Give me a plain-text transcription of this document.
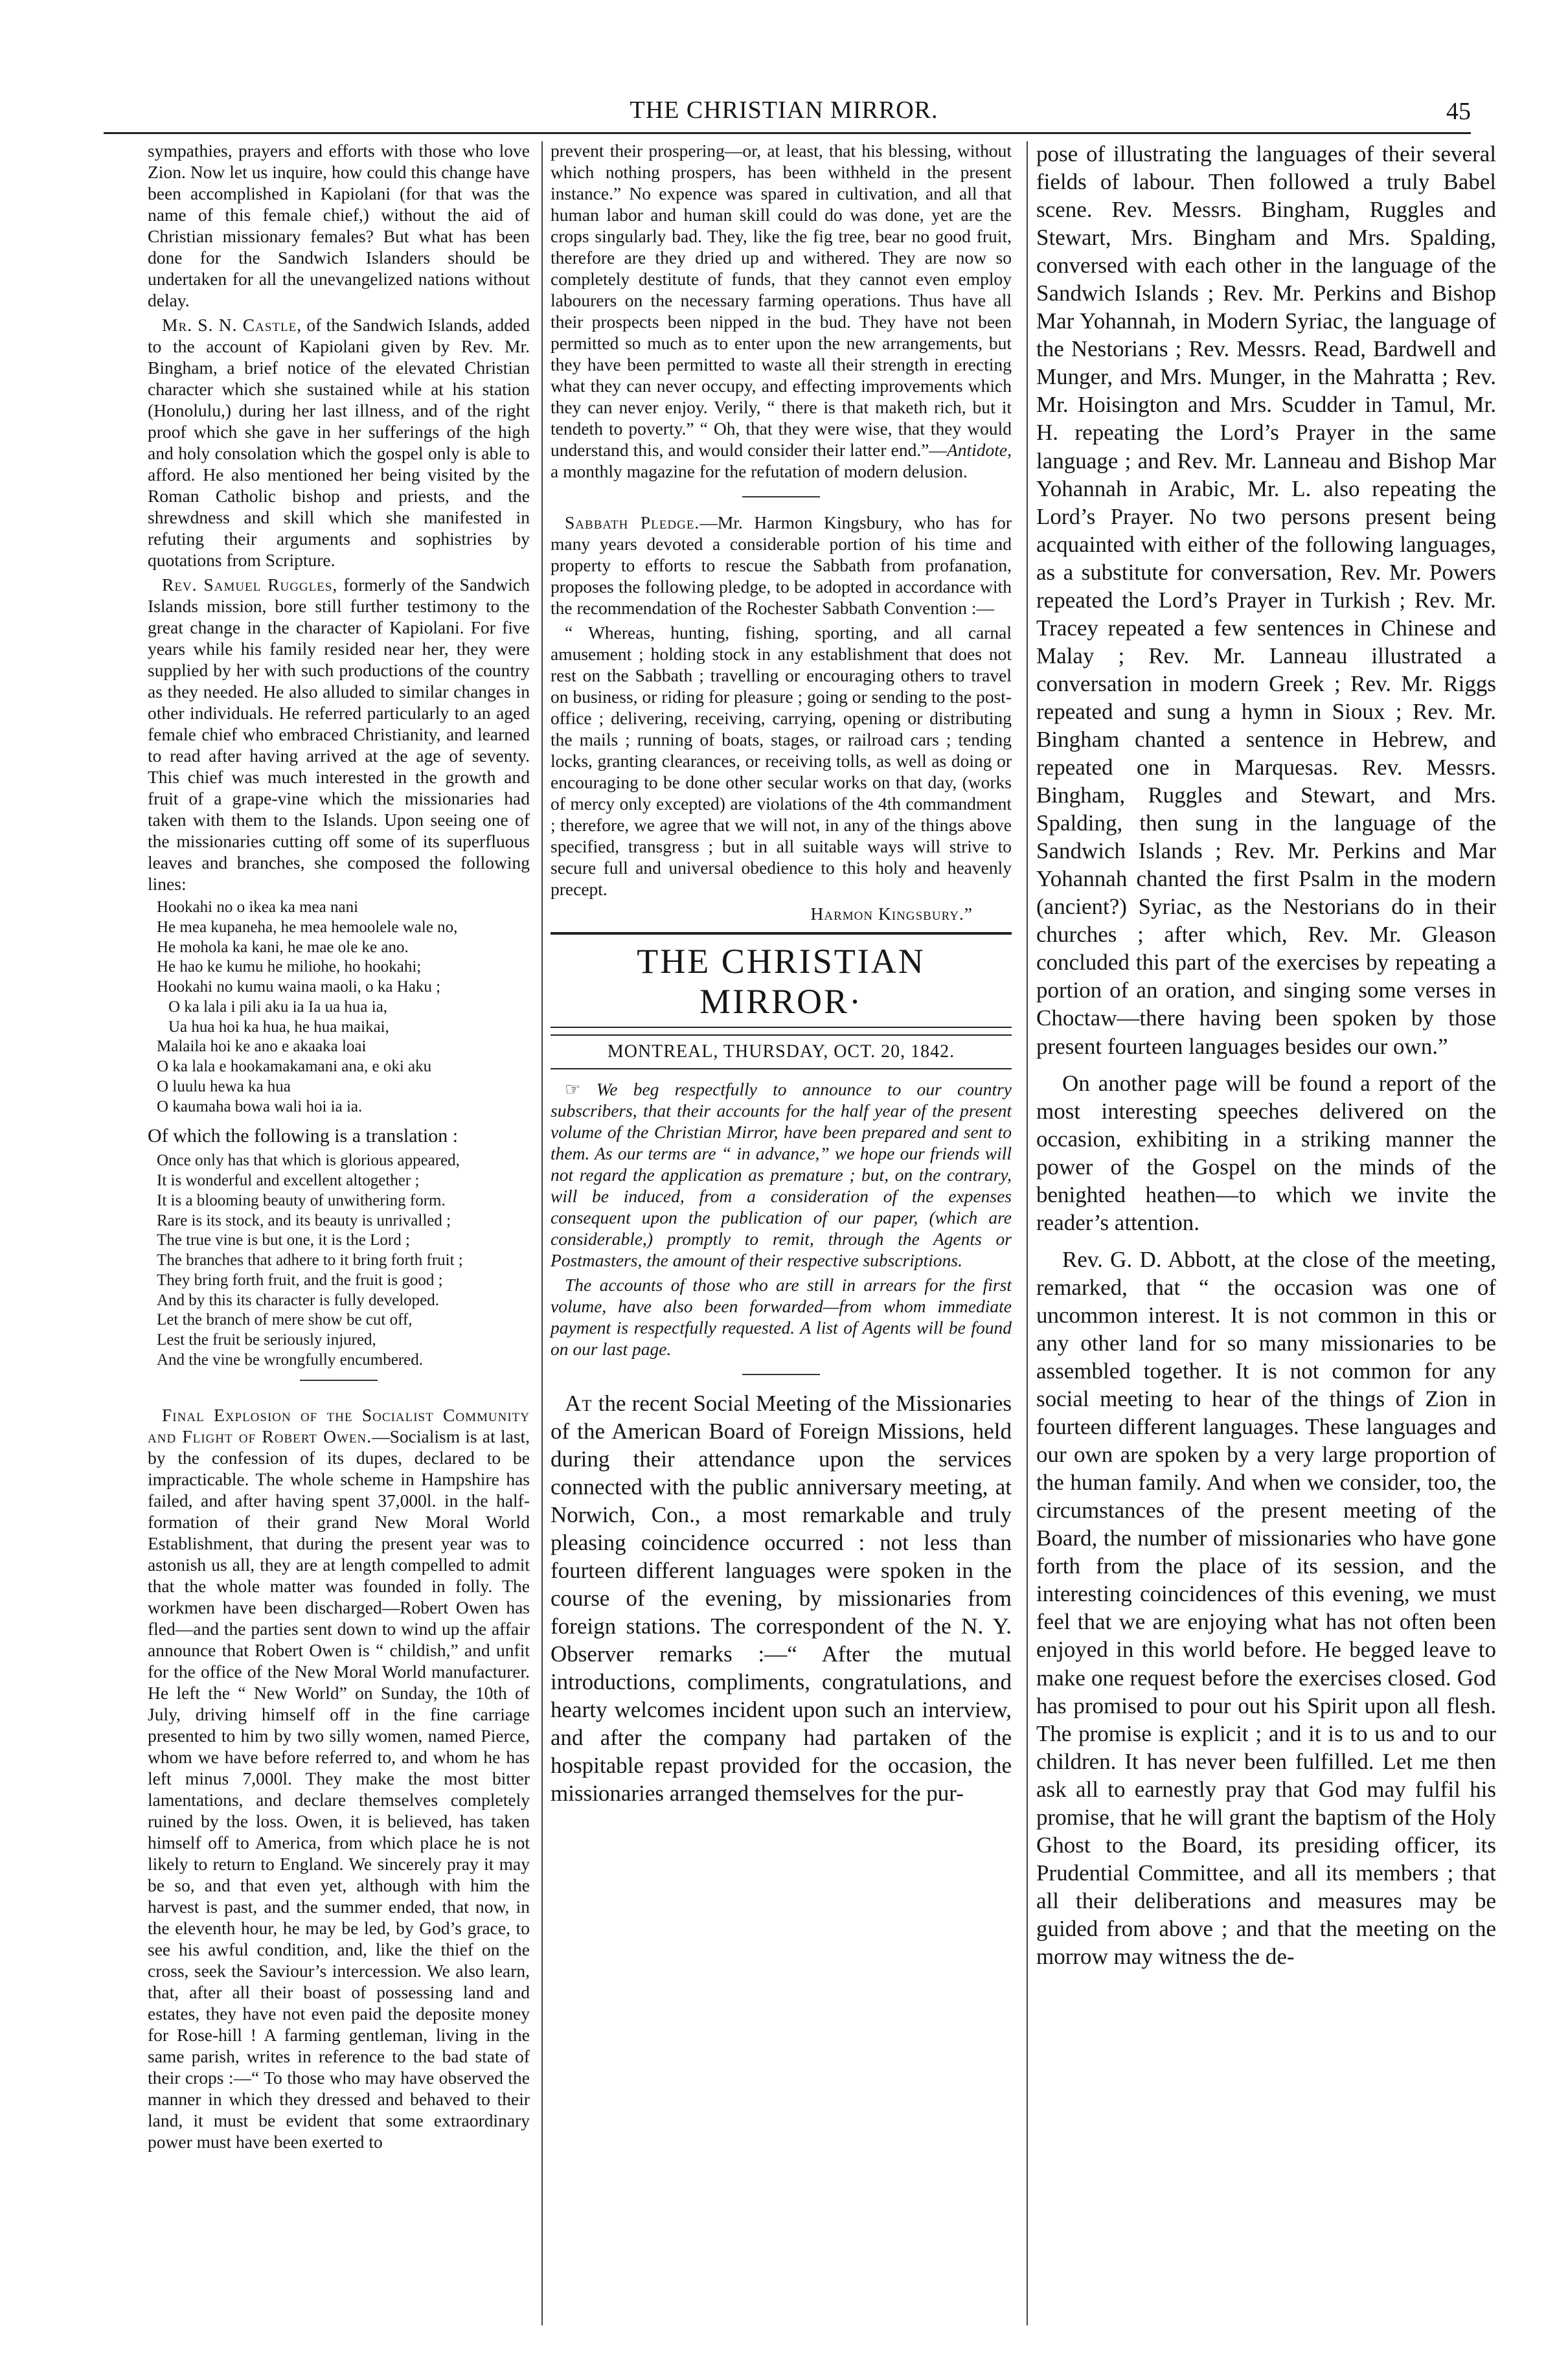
THE CHRISTIAN MIRROR.	45

sympathies, prayers and efforts with those who love Zion. Now let us inquire, how could this change have been accomplished in Kapiolani (for that was the name of this female chief,) without the aid of Christian missionary females? But what has been done for the Sandwich Islanders should be undertaken for all the unevangelized nations without delay.

Mr. S. N. Castle, of the Sandwich Islands, added to the account of Kapiolani given by Rev. Mr. Bingham, a brief notice of the elevated Christian character which she sustained while at his station (Honolulu,) during her last illness, and of the right proof which she gave in her sufferings of the high and holy consolation which the gospel only is able to afford. He also mentioned her being visited by the Roman Catholic bishop and priests, and the shrewdness and skill which she manifested in refuting their arguments and sophistries by quotations from Scripture.

Rev. Samuel Ruggles, formerly of the Sandwich Islands mission, bore still further testimony to the great change in the character of Kapiolani. For five years while his family resided near her, they were supplied by her with such productions of the country as they needed. He also alluded to similar changes in other individuals. He referred particularly to an aged female chief who embraced Christianity, and learned to read after having arrived at the age of seventy. This chief was much interested in the growth and fruit of a grape-vine which the missionaries had taken with them to the Islands. Upon seeing one of the missionaries cutting off some of its superfluous leaves and branches, she composed the following lines:

Hookahi no o ikea ka mea nani
He mea kupaneha, he mea hemoolele wale no,
He mohola ka kani, he mae ole ke ano.
He hao ke kumu he miliohe, ho hookahi;
Hookahi no kumu waina maoli, o ka Haku ;
O ka lala i pili aku ia Ia ua hua ia,
Ua hua hoi ka hua, he hua maikai,
Malaila hoi ke ano e akaaka loai
O ka lala e hookamakamani ana, e oki aku
O luulu hewa ka hua
O kaumaha bowa wali hoi ia ia.

Of which the following is a translation :

Once only has that which is glorious appeared,
It is wonderful and excellent altogether ;
It is a blooming beauty of unwithering form.
Rare is its stock, and its beauty is unrivalled ;
The true vine is but one, it is the Lord ;
The branches that adhere to it bring forth fruit ;
They bring forth fruit, and the fruit is good ;
And by this its character is fully developed.
Let the branch of mere show be cut off,
Lest the fruit be seriously injured,
And the vine be wrongfully encumbered.

Final Explosion of the Socialist Community and Flight of Robert Owen.—Socialism is at last, by the confession of its dupes, declared to be impracticable. The whole scheme in Hampshire has failed, and after having spent 37,000l. in the half-formation of their grand New Moral World Establishment, that during the present year was to astonish us all, they are at length compelled to admit that the whole matter was founded in folly. The workmen have been discharged—Robert Owen has fled—and the parties sent down to wind up the affair announce that Robert Owen is “ childish,” and unfit for the office of the New Moral World manufacturer. He left the “ New World” on Sunday, the 10th of July, driving himself off in the fine carriage presented to him by two silly women, named Pierce, whom we have before referred to, and whom he has left minus 7,000l. They make the most bitter lamentations, and declare themselves completely ruined by the loss. Owen, it is believed, has taken himself off to America, from which place he is not likely to return to England. We sincerely pray it may be so, and that even yet, although with him the harvest is past, and the summer ended, that now, in the eleventh hour, he may be led, by God’s grace, to see his awful condition, and, like the thief on the cross, seek the Saviour’s intercession. We also learn, that, after all their boast of possessing land and estates, they have not even paid the deposite money for Rose-hill ! A farming gentleman, living in the same parish, writes in reference to the bad state of their crops :—“ To those who may have observed the manner in which they dressed and behaved to their land, it must be evident that some extraordinary power must have been exerted to

prevent their prospering—or, at least, that his blessing, without which nothing prospers, has been withheld in the present instance.” No expence was spared in cultivation, and all that human labor and human skill could do was done, yet are the crops singularly bad. They, like the fig tree, bear no good fruit, therefore are they dried up and withered. They are now so completely destitute of funds, that they cannot even employ labourers on the necessary farming operations. Thus have all their prospects been nipped in the bud. They have not been permitted so much as to enter upon the new arrangements, but they have been permitted to waste all their strength in erecting what they can never occupy, and effecting improvements which they can never enjoy. Verily, “ there is that maketh rich, but it tendeth to poverty.” “ Oh, that they were wise, that they would understand this, and would consider their latter end.”—Antidote, a monthly magazine for the refutation of modern delusion.

Sabbath Pledge.—Mr. Harmon Kingsbury, who has for many years devoted a considerable portion of his time and property to efforts to rescue the Sabbath from profanation, proposes the following pledge, to be adopted in accordance with the recommendation of the Rochester Sabbath Convention :—

“ Whereas, hunting, fishing, sporting, and all carnal amusement ; holding stock in any establishment that does not rest on the Sabbath ; travelling or encouraging others to travel on business, or riding for pleasure ; going or sending to the post-office ; delivering, receiving, carrying, opening or distributing the mails ; running of boats, stages, or railroad cars ; tending locks, granting clearances, or receiving tolls, as well as doing or encouraging to be done other secular works on that day, (works of mercy only excepted) are violations of the 4th commandment ; therefore, we agree that we will not, in any of the things above specified, transgress ; but in all suitable ways will strive to secure full and universal obedience to this holy and heavenly precept.

Harmon Kingsbury.”

THE CHRISTIAN MIRROR·
MONTREAL, THURSDAY, OCT. 20, 1842.

☞ We beg respectfully to announce to our country subscribers, that their accounts for the half year of the present volume of the Christian Mirror, have been prepared and sent to them. As our terms are “ in advance,” we hope our friends will not regard the application as premature ; but, on the contrary, will be induced, from a consideration of the expenses consequent upon the publication of our paper, (which are considerable,) promptly to remit, through the Agents or Postmasters, the amount of their respective subscriptions.

The accounts of those who are still in arrears for the first volume, have also been forwarded—from whom immediate payment is respectfully requested. A list of Agents will be found on our last page.

At the recent Social Meeting of the Missionaries of the American Board of Foreign Missions, held during their attendance upon the services connected with the public anniversary meeting, at Norwich, Con., a most remarkable and truly pleasing coincidence occurred : not less than fourteen different languages were spoken in the course of the evening, by missionaries from foreign stations. The correspondent of the N. Y. Observer remarks :—“ After the mutual introductions, compliments, congratulations, and hearty welcomes incident upon such an interview, and after the company had partaken of the hospitable repast provided for the occasion, the missionaries arranged themselves for the pur-

pose of illustrating the languages of their several fields of labour. Then followed a truly Babel scene. Rev. Messrs. Bingham, Ruggles and Stewart, Mrs. Bingham and Mrs. Spalding, conversed with each other in the language of the Sandwich Islands ; Rev. Mr. Perkins and Bishop Mar Yohannah, in Modern Syriac, the language of the Nestorians ; Rev. Messrs. Read, Bardwell and Munger, and Mrs. Munger, in the Mahratta ; Rev. Mr. Hoisington and Mrs. Scudder in Tamul, Mr. H. repeating the Lord’s Prayer in the same language ; and Rev. Mr. Lanneau and Bishop Mar Yohannah in Arabic, Mr. L. also repeating the Lord’s Prayer. No two persons present being acquainted with either of the following languages, as a substitute for conversation, Rev. Mr. Powers repeated the Lord’s Prayer in Turkish ; Rev. Mr. Tracey repeated a few sentences in Chinese and Malay ; Rev. Mr. Lanneau illustrated a conversation in modern Greek ; Rev. Mr. Riggs repeated and sung a hymn in Sioux ; Rev. Mr. Bingham chanted a sentence in Hebrew, and repeated one in Marquesas. Rev. Messrs. Bingham, Ruggles and Stewart, and Mrs. Spalding, then sung in the language of the Sandwich Islands ; Rev. Mr. Perkins and Mar Yohannah chanted the first Psalm in the modern (ancient?) Syriac, as the Nestorians do in their churches ; after which, Rev. Mr. Gleason concluded this part of the exercises by repeating a portion of an oration, and singing some verses in Choctaw—there having been spoken by those present fourteen languages besides our own.”

On another page will be found a report of the most interesting speeches delivered on the occasion, exhibiting in a striking manner the power of the Gospel on the minds of the benighted heathen—to which we invite the reader’s attention.

Rev. G. D. Abbott, at the close of the meeting, remarked, that “ the occasion was one of uncommon interest. It is not common in this or any other land for so many missionaries to be assembled together. It is not common for any social meeting to hear of the things of Zion in fourteen different languages. These languages and our own are spoken by a very large proportion of the human family. And when we consider, too, the circumstances of the present meeting of the Board, the number of missionaries who have gone forth from the place of its session, and the interesting coincidences of this evening, we must feel that we are enjoying what has not often been enjoyed in this world before. He begged leave to make one request before the exercises closed. God has promised to pour out his Spirit upon all flesh. The promise is explicit ; and it is to us and to our children. It has never been fulfilled. Let me then ask all to earnestly pray that God may fulfil his promise, that he will grant the baptism of the Holy Ghost to the Board, its presiding officer, its Prudential Committee, and all its members ; that all their deliberations and measures may be guided from above ; and that the meeting on the morrow may witness the de-
